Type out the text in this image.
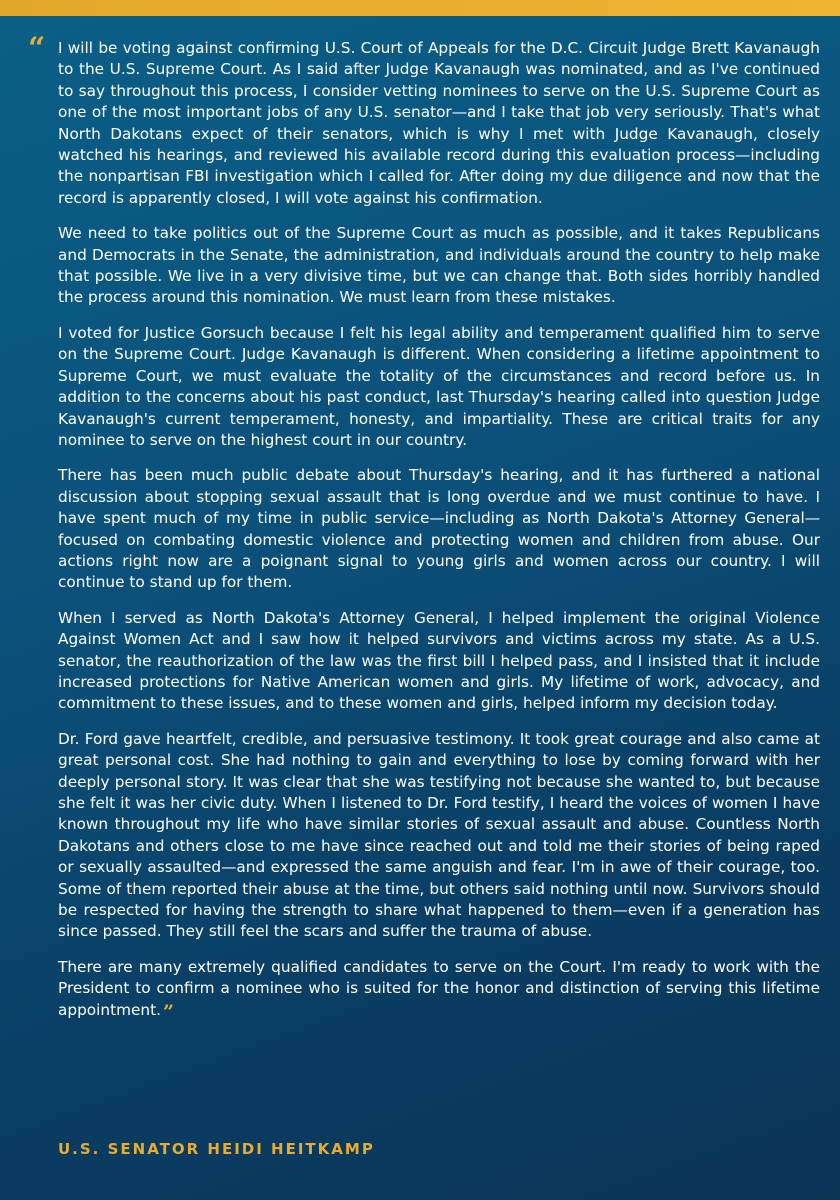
“ I will be voting against confirming U.S. Court of Appeals for the D.C. Circuit Judge Brett Kavanaugh to the U.S. Supreme Court. As I said after Judge Kavanaugh was nominated, and as I've continued to say throughout this process, I consider vetting nominees to serve on the U.S. Supreme Court as one of the most important jobs of any U.S. senator—and I take that job very seriously. That's what North Dakotans expect of their senators, which is why I met with Judge Kavanaugh, closely watched his hearings, and reviewed his available record during this evaluation process—including the nonpartisan FBI investigation which I called for. After doing my due diligence and now that the record is apparently closed, I will vote against his confirmation.

We need to take politics out of the Supreme Court as much as possible, and it takes Republicans and Democrats in the Senate, the administration, and individuals around the country to help make that possible. We live in a very divisive time, but we can change that. Both sides horribly handled the process around this nomination. We must learn from these mistakes.

I voted for Justice Gorsuch because I felt his legal ability and temperament qualified him to serve on the Supreme Court. Judge Kavanaugh is different. When considering a lifetime appointment to Supreme Court, we must evaluate the totality of the circumstances and record before us. In addition to the concerns about his past conduct, last Thursday's hearing called into question Judge Kavanaugh's current temperament, honesty, and impartiality. These are critical traits for any nominee to serve on the highest court in our country.

There has been much public debate about Thursday's hearing, and it has furthered a national discussion about stopping sexual assault that is long overdue and we must continue to have. I have spent much of my time in public service—including as North Dakota's Attorney General—focused on combating domestic violence and protecting women and children from abuse. Our actions right now are a poignant signal to young girls and women across our country. I will continue to stand up for them.

When I served as North Dakota's Attorney General, I helped implement the original Violence Against Women Act and I saw how it helped survivors and victims across my state. As a U.S. senator, the reauthorization of the law was the first bill I helped pass, and I insisted that it include increased protections for Native American women and girls. My lifetime of work, advocacy, and commitment to these issues, and to these women and girls, helped inform my decision today.

Dr. Ford gave heartfelt, credible, and persuasive testimony. It took great courage and also came at great personal cost. She had nothing to gain and everything to lose by coming forward with her deeply personal story. It was clear that she was testifying not because she wanted to, but because she felt it was her civic duty. When I listened to Dr. Ford testify, I heard the voices of women I have known throughout my life who have similar stories of sexual assault and abuse. Countless North Dakotans and others close to me have since reached out and told me their stories of being raped or sexually assaulted—and expressed the same anguish and fear. I'm in awe of their courage, too. Some of them reported their abuse at the time, but others said nothing until now. Survivors should be respected for having the strength to share what happened to them—even if a generation has since passed. They still feel the scars and suffer the trauma of abuse.

There are many extremely qualified candidates to serve on the Court. I'm ready to work with the President to confirm a nominee who is suited for the honor and distinction of serving this lifetime appointment. ”

U.S. SENATOR HEIDI HEITKAMP
